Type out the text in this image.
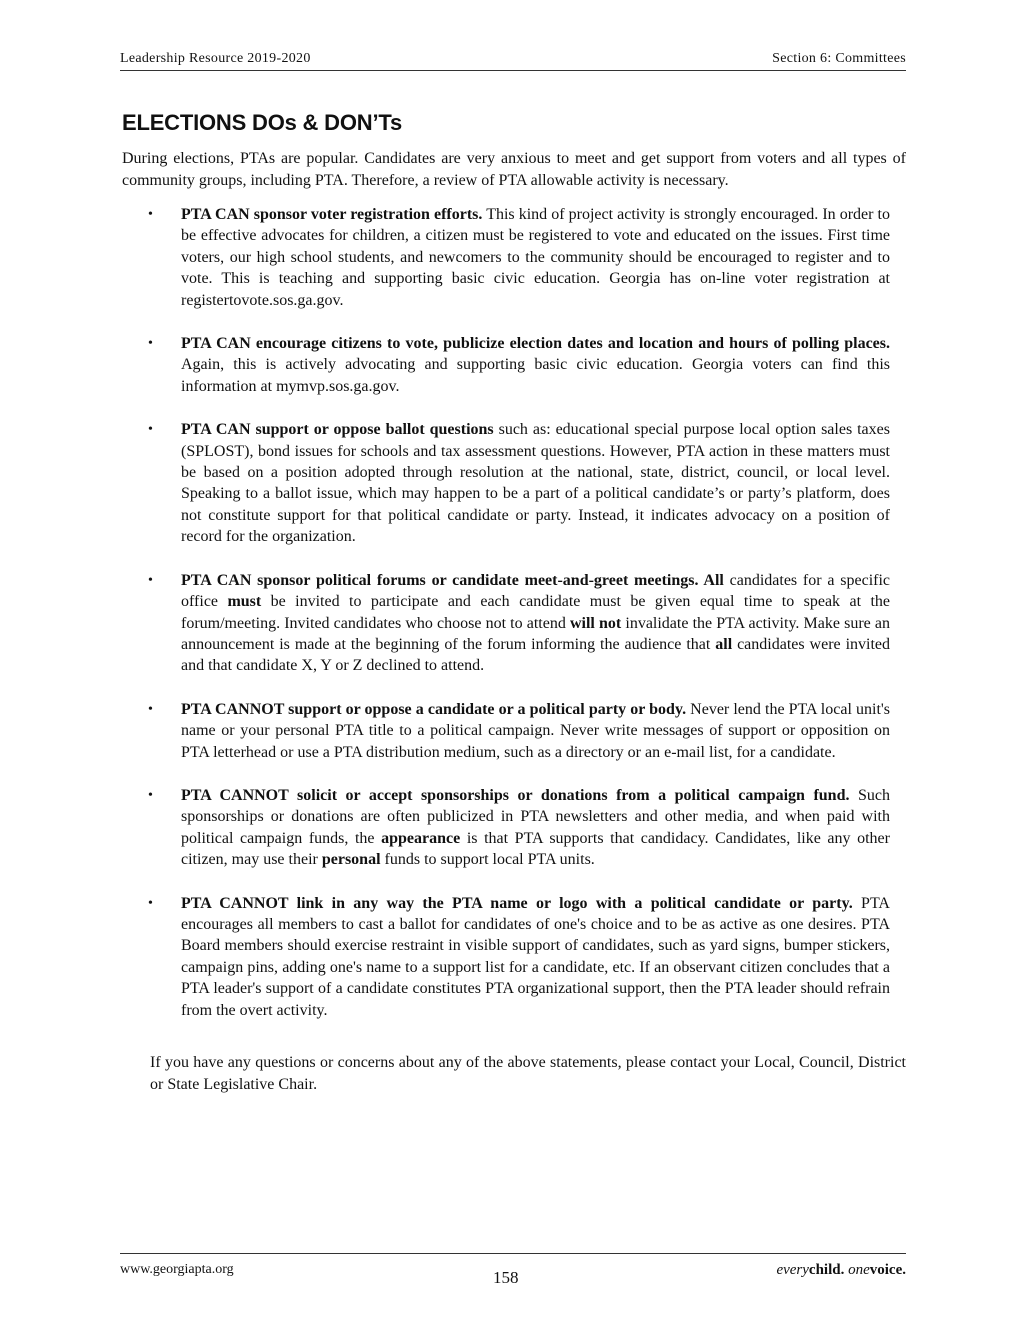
Leadership Resource 2019-2020	Section 6: Committees
ELECTIONS DOs & DON’Ts

During elections, PTAs are popular. Candidates are very anxious to meet and get support from voters and all types of community groups, including PTA. Therefore, a review of PTA allowable activity is necessary.

• PTA CAN sponsor voter registration efforts. This kind of project activity is strongly encouraged. In order to be effective advocates for children, a citizen must be registered to vote and educated on the issues. First time voters, our high school students, and newcomers to the community should be encouraged to register and to vote. This is teaching and supporting basic civic education. Georgia has on-line voter registration at registertovote.sos.ga.gov.
• PTA CAN encourage citizens to vote, publicize election dates and location and hours of polling places. Again, this is actively advocating and supporting basic civic education. Georgia voters can find this information at mymvp.sos.ga.gov.
• PTA CAN support or oppose ballot questions such as: educational special purpose local option sales taxes (SPLOST), bond issues for schools and tax assessment questions. However, PTA action in these matters must be based on a position adopted through resolution at the national, state, district, council, or local level. Speaking to a ballot issue, which may happen to be a part of a political candidate’s or party’s platform, does not constitute support for that political candidate or party. Instead, it indicates advocacy on a position of record for the organization.
• PTA CAN sponsor political forums or candidate meet-and-greet meetings. All candidates for a specific office must be invited to participate and each candidate must be given equal time to speak at the forum/meeting. Invited candidates who choose not to attend will not invalidate the PTA activity. Make sure an announcement is made at the beginning of the forum informing the audience that all candidates were invited and that candidate X, Y or Z declined to attend.
• PTA CANNOT support or oppose a candidate or a political party or body. Never lend the PTA local unit's name or your personal PTA title to a political campaign. Never write messages of support or opposition on PTA letterhead or use a PTA distribution medium, such as a directory or an e-mail list, for a candidate.
• PTA CANNOT solicit or accept sponsorships or donations from a political campaign fund. Such sponsorships or donations are often publicized in PTA newsletters and other media, and when paid with political campaign funds, the appearance is that PTA supports that candidacy. Candidates, like any other citizen, may use their personal funds to support local PTA units.
• PTA CANNOT link in any way the PTA name or logo with a political candidate or party. PTA encourages all members to cast a ballot for candidates of one's choice and to be as active as one desires. PTA Board members should exercise restraint in visible support of candidates, such as yard signs, bumper stickers, campaign pins, adding one's name to a support list for a candidate, etc. If an observant citizen concludes that a PTA leader's support of a candidate constitutes PTA organizational support, then the PTA leader should refrain from the overt activity.

If you have any questions or concerns about any of the above statements, please contact your Local, Council, District or State Legislative Chair.

www.georgiapta.org	158	everychild. onevoice.
